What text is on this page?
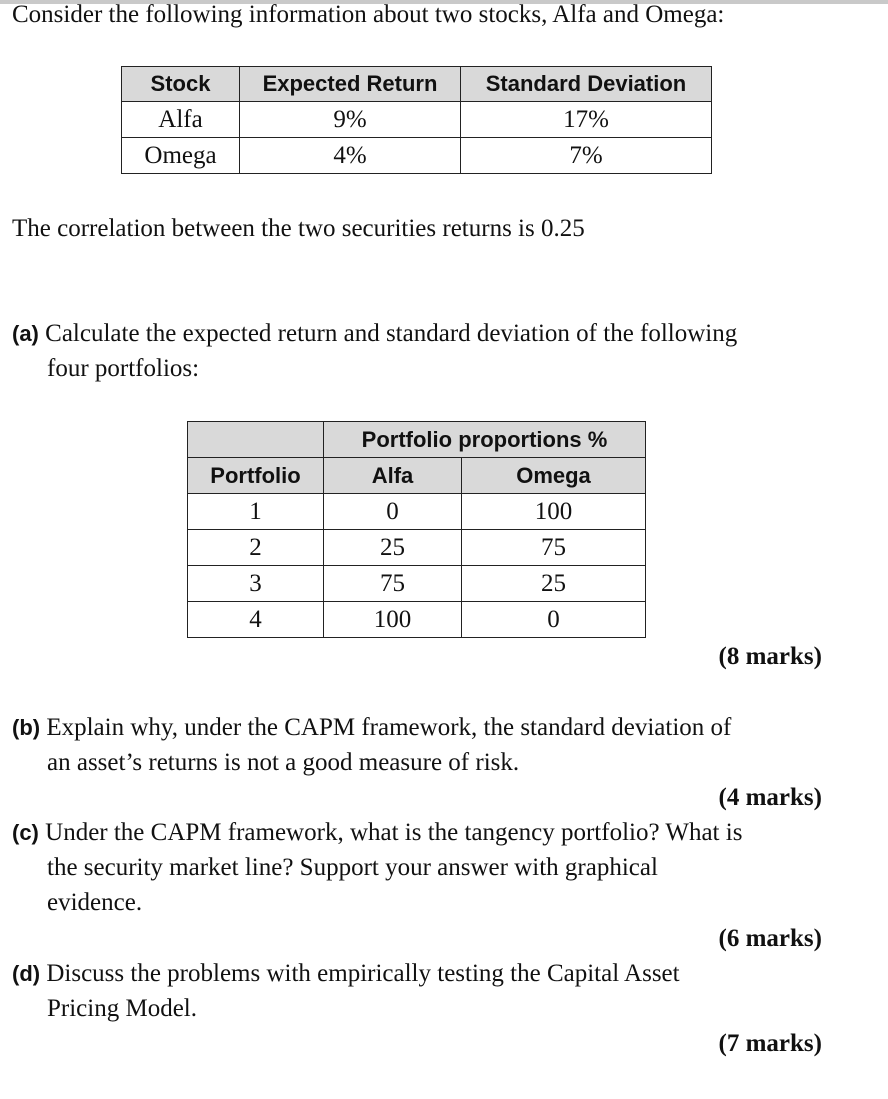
Consider the following information about two stocks, Alfa and Omega:
Stock	Expected Return	Standard Deviation
Alfa	9%	17%
Omega	4%	7%
The correlation between the two securities returns is 0.25
(a) Calculate the expected return and standard deviation of the following
four portfolios:
	Portfolio proportions %	
Portfolio	Alfa	Omega
1	0	100
2	25	75
3	75	25
4	100	0
(8 marks)
(b) Explain why, under the CAPM framework, the standard deviation of
an asset’s returns is not a good measure of risk.
(4 marks)
(c) Under the CAPM framework, what is the tangency portfolio? What is
the security market line? Support your answer with graphical
evidence.
(6 marks)
(d) Discuss the problems with empirically testing the Capital Asset
Pricing Model.
(7 marks)
